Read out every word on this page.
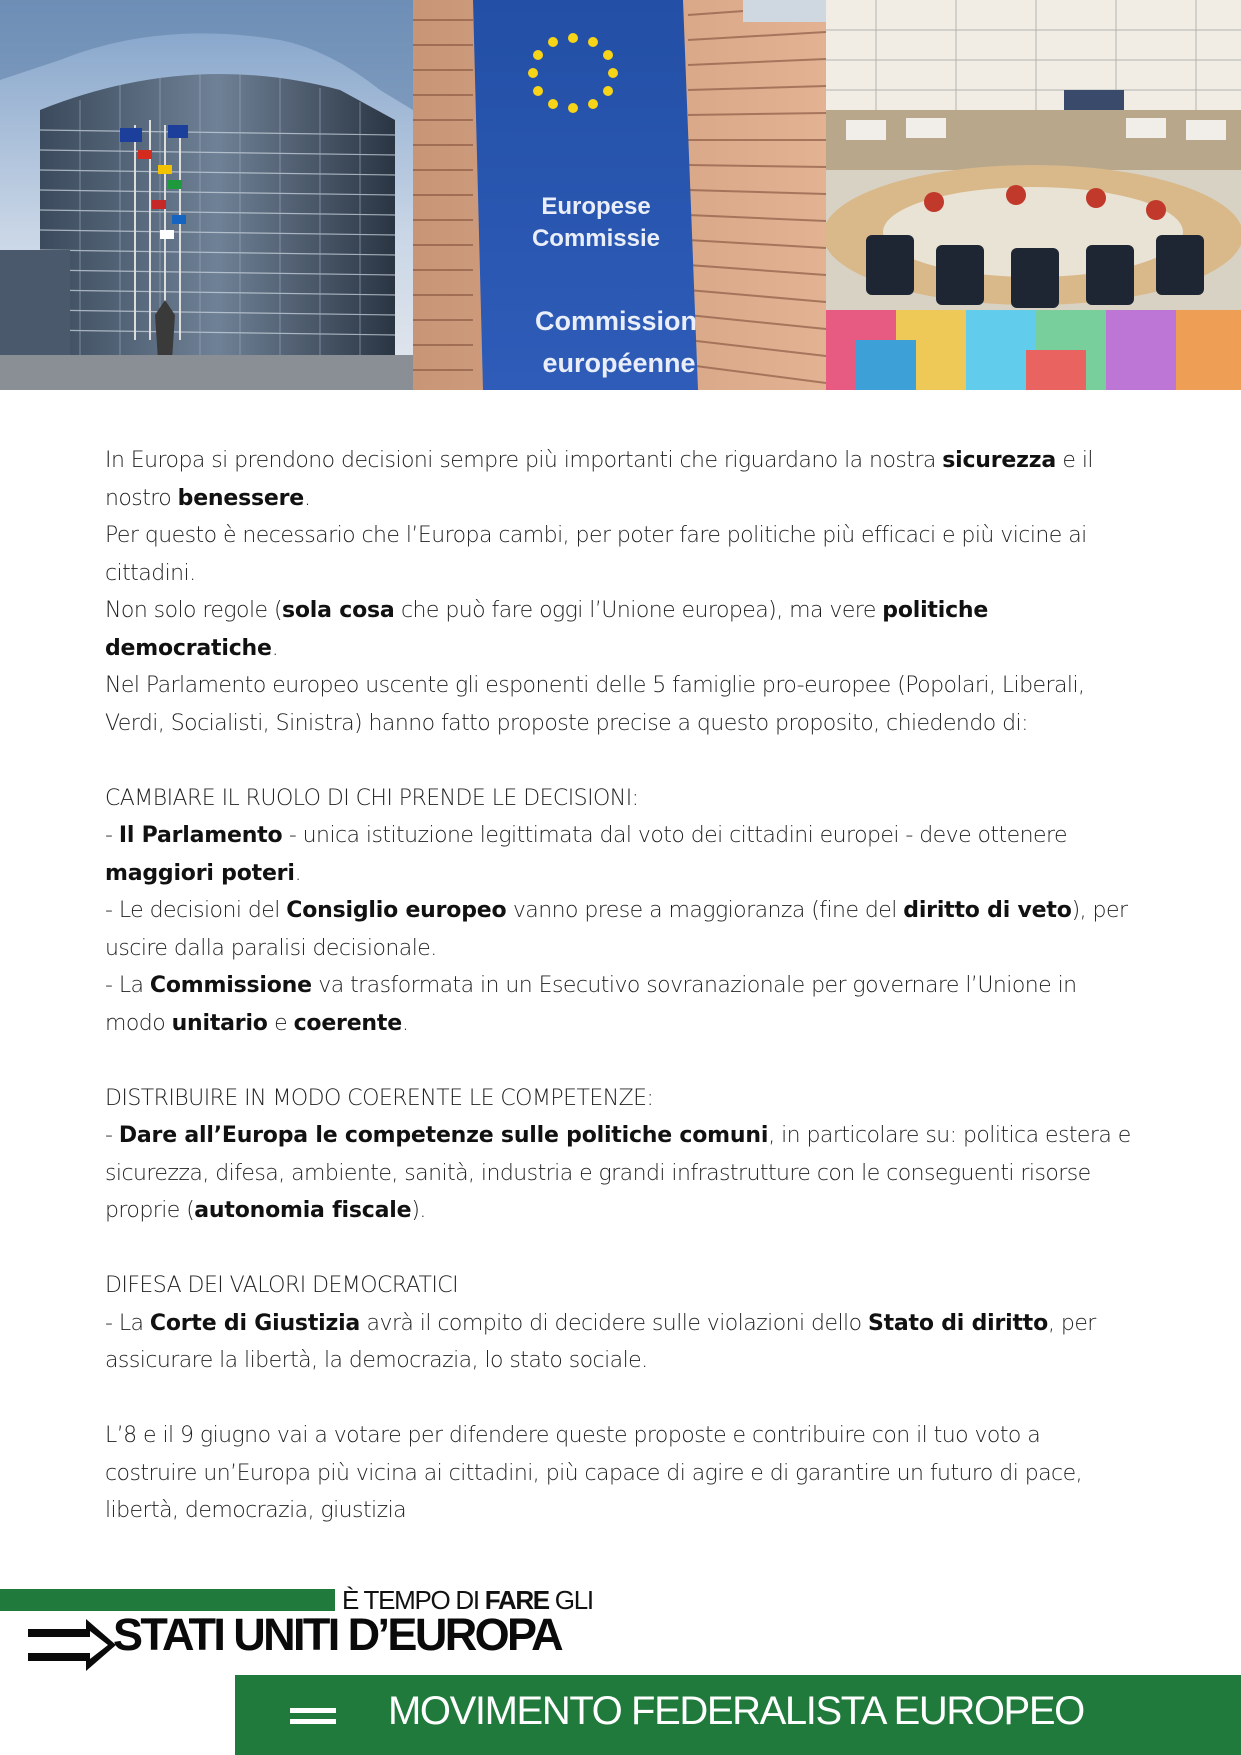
Europese
Commissie
Commission
européenne

In Europa si prendono decisioni sempre più importanti che riguardano la nostra sicurezza e il nostro benessere.

Per questo è necessario che l’Europa cambi, per poter fare politiche più efficaci e più vicine ai cittadini.

Non solo regole (sola cosa che può fare oggi l’Unione europea), ma vere politiche democratiche.

Nel Parlamento europeo uscente gli esponenti delle 5 famiglie pro-europee (Popolari, Liberali, Verdi, Socialisti, Sinistra) hanno fatto proposte precise a questo proposito, chiedendo di:

CAMBIARE IL RUOLO DI CHI PRENDE LE DECISIONI:

- Il Parlamento - unica istituzione legittimata dal voto dei cittadini europei - deve ottenere maggiori poteri.

- Le decisioni del Consiglio europeo vanno prese a maggioranza (fine del diritto di veto), per uscire dalla paralisi decisionale.

- La Commissione va trasformata in un Esecutivo sovranazionale per governare l’Unione in modo unitario e coerente.

DISTRIBUIRE IN MODO COERENTE LE COMPETENZE:

- Dare all’Europa le competenze sulle politiche comuni, in particolare su: politica estera e sicurezza, difesa, ambiente, sanità, industria e grandi infrastrutture con le conseguenti risorse proprie (autonomia fiscale).

DIFESA DEI VALORI DEMOCRATICI

- La Corte di Giustizia avrà il compito di decidere sulle violazioni dello Stato di diritto, per assicurare la libertà, la democrazia, lo stato sociale.

L’8 e il 9 giugno vai a votare per difendere queste proposte e contribuire con il tuo voto a costruire un’Europa più vicina ai cittadini, più capace di agire e di garantire un futuro di pace, libertà, democrazia, giustizia

È TEMPO DI FARE GLI
STATI UNITI D’EUROPA
MOVIMENTO FEDERALISTA EUROPEO
